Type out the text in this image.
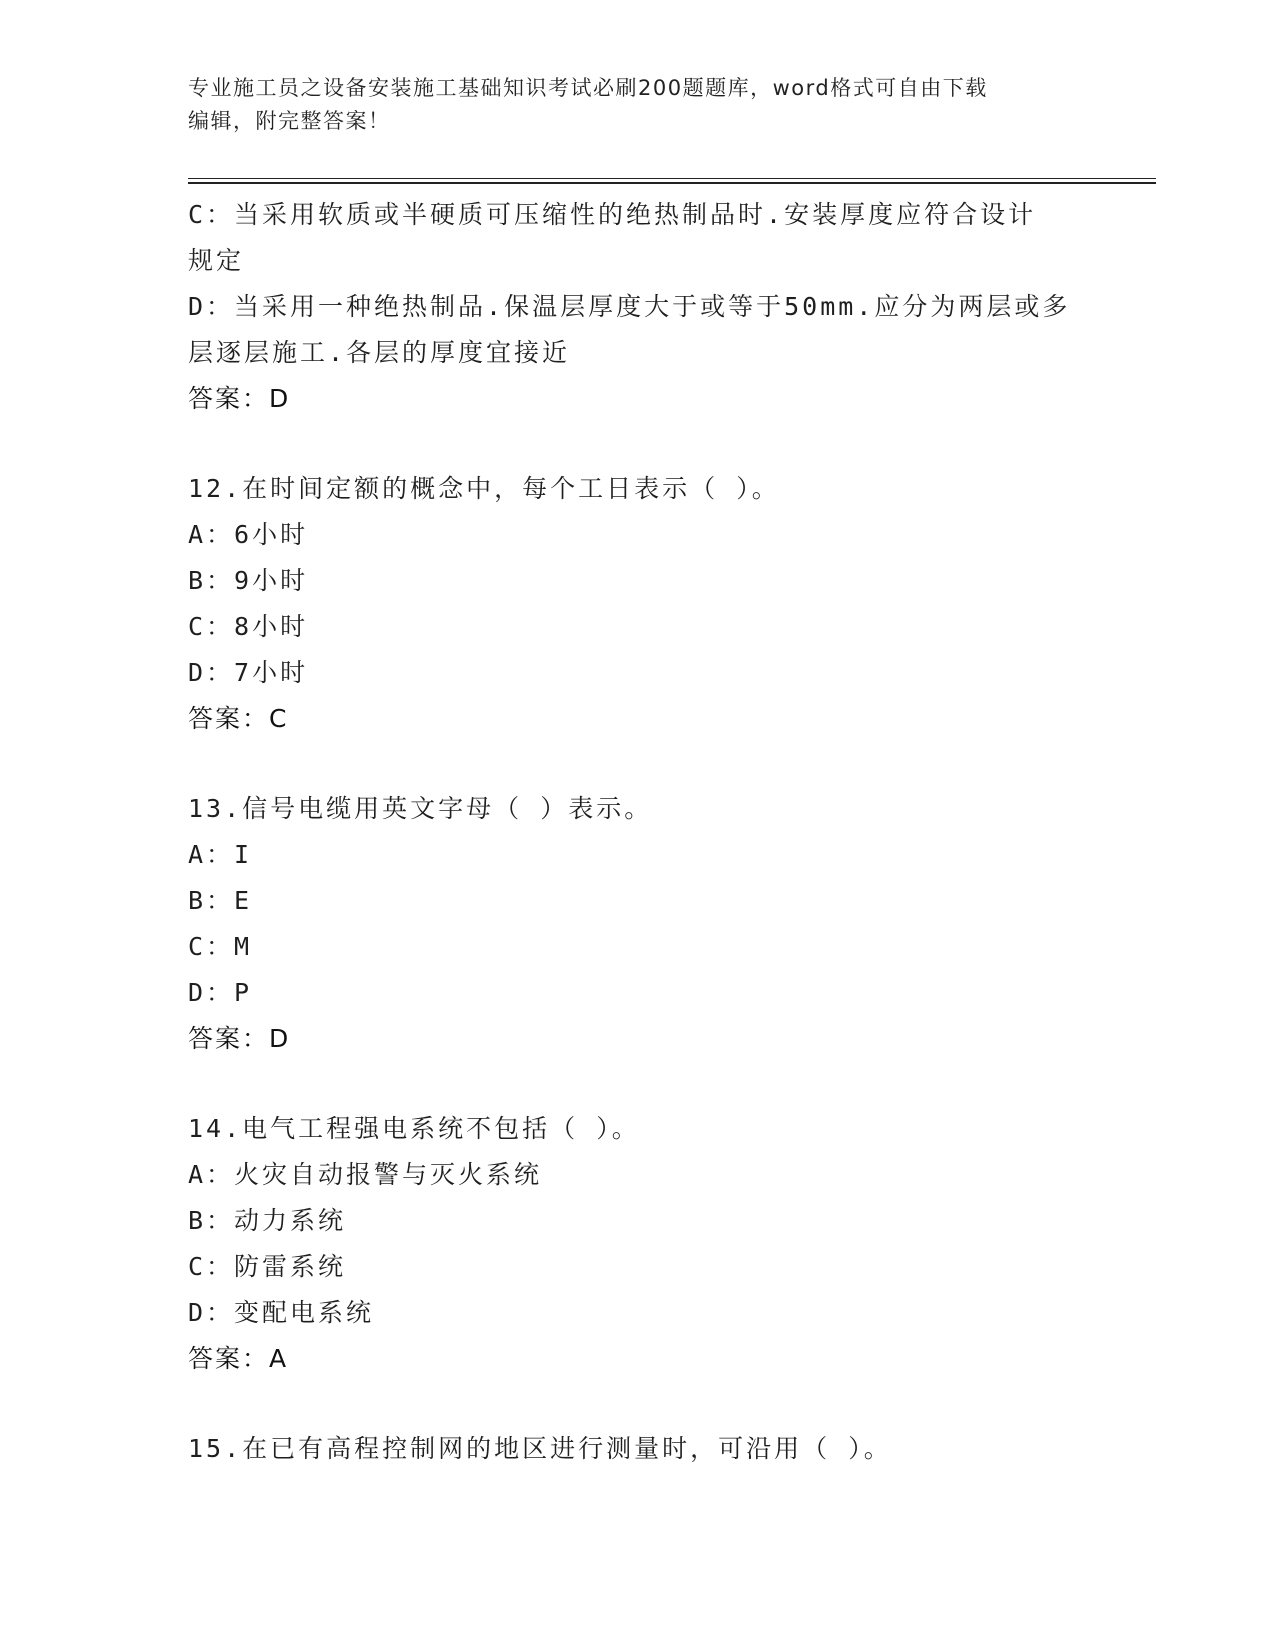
专业施工员之设备安装施工基础知识考试必刷200题题库，word格式可自由下载
编辑，附完整答案！
C：当采用软质或半硬质可压缩性的绝热制品时.安装厚度应符合设计
规定
D：当采用一种绝热制品.保温层厚度大于或等于50mm.应分为两层或多
层逐层施工.各层的厚度宜接近
答案：D
12.在时间定额的概念中，每个工日表示（ ）。
A：6小时
B：9小时
C：8小时
D：7小时
答案：C
13.信号电缆用英文字母（ ）表示。
A：I
B：E
C：M
D：P
答案：D
14.电气工程强电系统不包括（ ）。
A：火灾自动报警与灭火系统
B：动力系统
C：防雷系统
D：变配电系统
答案：A
15.在已有高程控制网的地区进行测量时，可沿用（ ）。
